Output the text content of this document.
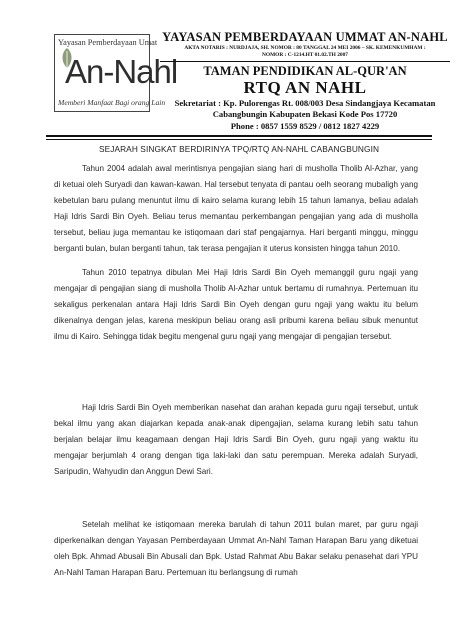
Yayasan Pemberdayaan Umat
An-Nahl
Memberi Manfaat Bagi orang Lain
YAYASAN PEMBERDAYAAN UMMAT AN-NAHL
AKTA NOTARIS : NURDJAJA, SH. NOMOR : 80 TANGGAL 24 MEI 2006 – SK. KEMENKUMHAM :
NOMOR : C-1214.HT 01.02.TH 2007
TAMAN PENDIDIKAN AL-QUR'AN
RTQ AN NAHL
Sekretariat : Kp. Pulorengas Rt. 008/003 Desa Sindangjaya Kecamatan
Cabangbungin Kabupaten Bekasi Kode Pos 17720
Phone : 0857 1559 8529 / 0812 1827 4229
SEJARAH SINGKAT BERDIRINYA TPQ/RTQ AN-NAHL CABANGBUNGIN

Tahun 2004 adalah awal merintisnya pengajian siang hari di musholla Tholib Al-Azhar, yang di ketuai oleh Suryadi dan kawan-kawan. Hal tersebut tenyata di pantau oelh seorang mubaligh yang kebetulan baru pulang menuntut ilmu di kairo selama kurang lebih 15 tahun lamanya, beliau adalah Haji Idris Sardi Bin Oyeh. Beliau terus memantau perkembangan pengajian yang ada di musholla tersebut, beliau juga memantau ke istiqomaan dari staf pengajarnya. Hari berganti minggu, minggu berganti bulan, bulan berganti tahun, tak terasa pengajian it uterus konsisten hingga tahun 2010.

Tahun 2010 tepatnya dibulan Mei Haji Idris Sardi Bin Oyeh memanggil guru ngaji yang mengajar di pengajian siang di musholla Tholib Al-Azhar untuk bertamu di rumahnya. Pertemuan itu sekaligus perkenalan antara Haji Idris Sardi Bin Oyeh dengan guru ngaji yang waktu itu belum dikenalnya dengan jelas, karena meskipun beliau orang asli pribumi karena beliau sibuk menuntut ilmu di Kairo. Sehingga tidak begitu mengenal guru ngaji yang mengajar di pengajian tersebut.

Haji Idris Sardi Bin Oyeh memberikan nasehat dan arahan kepada guru ngaji tersebut, untuk bekal ilmu yang akan diajarkan kepada anak-anak dipengajian, selama kurang lebih satu tahun berjalan belajar ilmu keagamaan dengan Haji Idris Sardi Bin Oyeh, guru ngaji yang waktu itu mengajar berjumlah 4 orang dengan tiga laki-laki dan satu perempuan. Mereka adalah Suryadi, Saripudin, Wahyudin dan Anggun Dewi Sari.

Setelah melihat ke istiqomaan mereka barulah di tahun 2011 bulan maret, par guru ngaji diperkenalkan dengan Yayasan Pemberdayaan Ummat An-Nahl Taman Harapan Baru yang diketuai oleh Bpk. Ahmad Abusali Bin Abusali dan Bpk. Ustad Rahmat Abu Bakar selaku penasehat dari YPU An-Nahl Taman Harapan Baru. Pertemuan itu berlangsung di rumah
